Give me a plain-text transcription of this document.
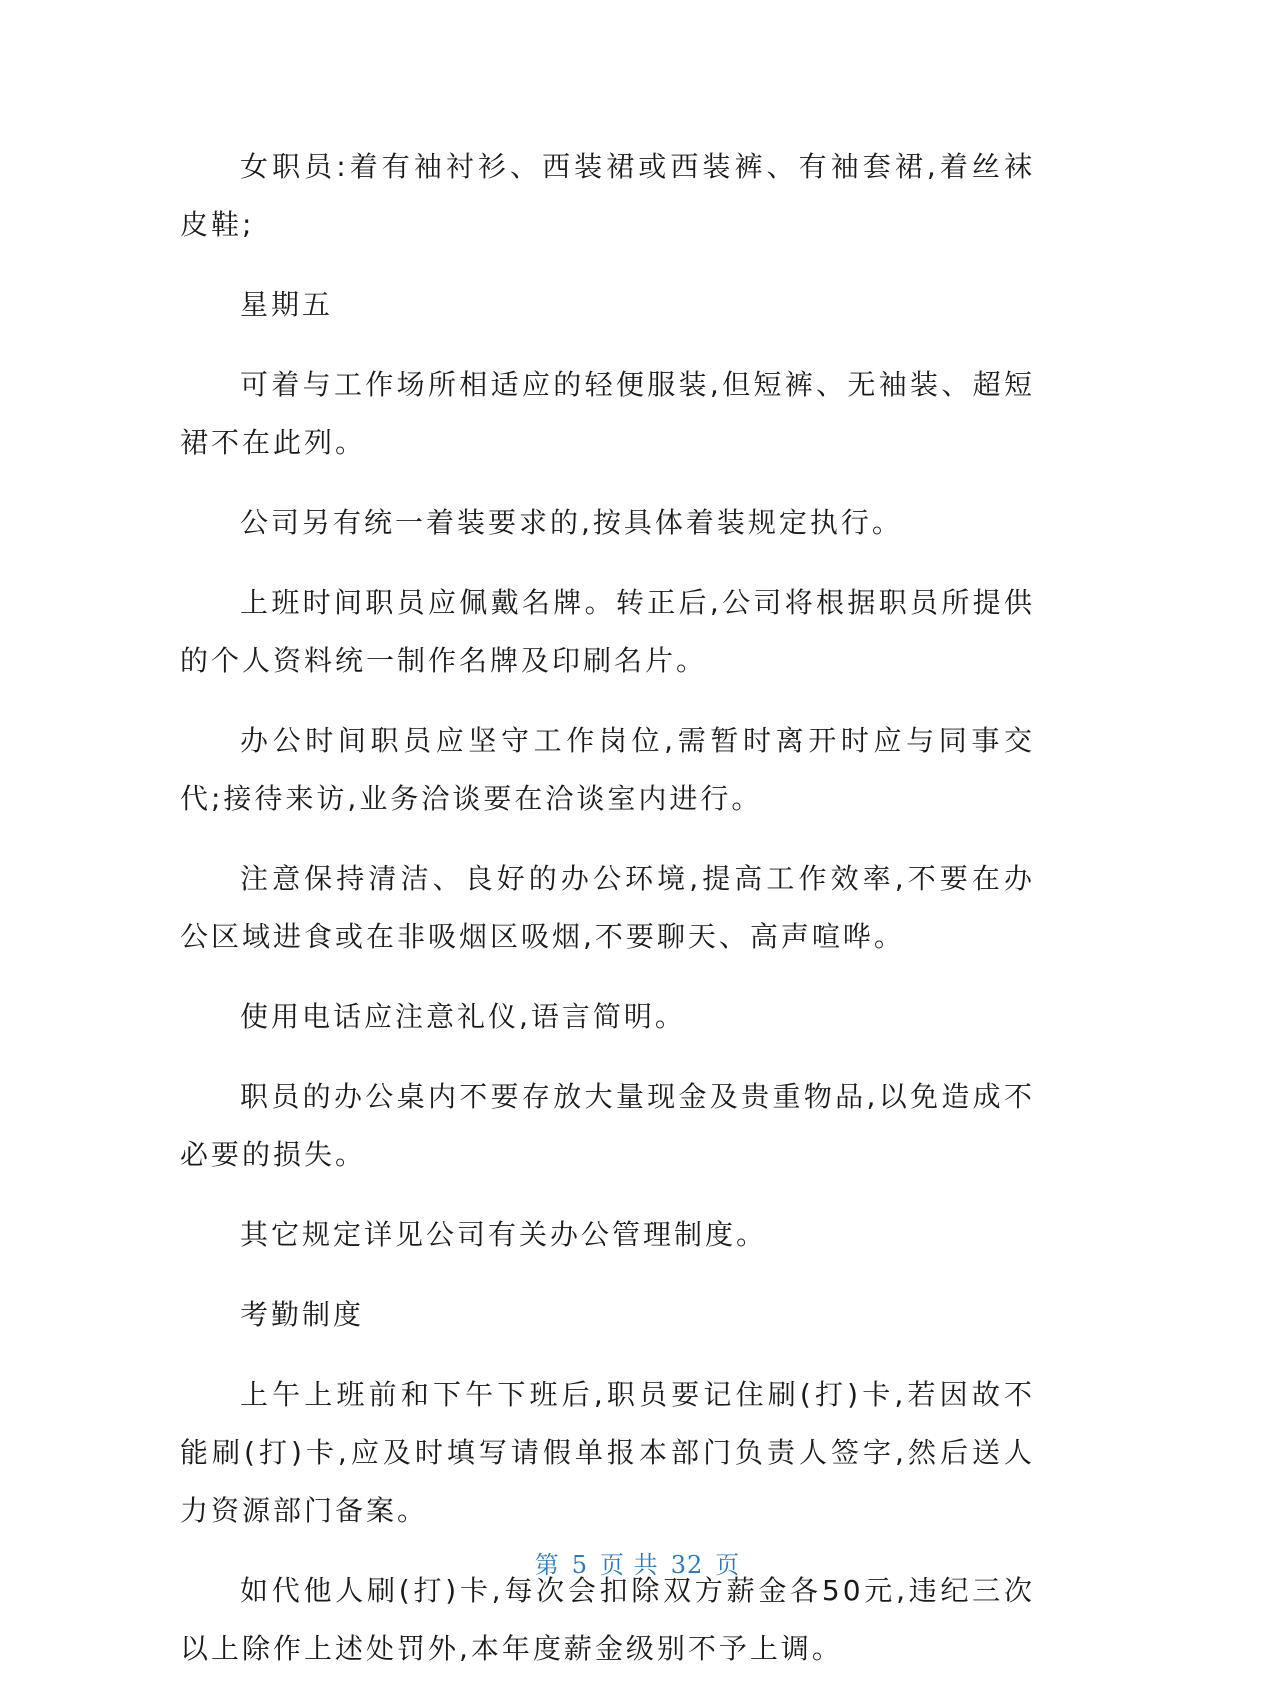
女职员:着有袖衬衫、西装裙或西装裤、有袖套裙,着丝袜皮鞋;

星期五

可着与工作场所相适应的轻便服装,但短裤、无袖装、超短裙不在此列。

公司另有统一着装要求的,按具体着装规定执行。

上班时间职员应佩戴名牌。转正后,公司将根据职员所提供的个人资料统一制作名牌及印刷名片。

办公时间职员应坚守工作岗位,需暂时离开时应与同事交代;接待来访,业务洽谈要在洽谈室内进行。

注意保持清洁、良好的办公环境,提高工作效率,不要在办公区域进食或在非吸烟区吸烟,不要聊天、高声喧哗。

使用电话应注意礼仪,语言简明。

职员的办公桌内不要存放大量现金及贵重物品,以免造成不必要的损失。

其它规定详见公司有关办公管理制度。

考勤制度

上午上班前和下午下班后,职员要记住刷(打)卡,若因故不能刷(打)卡,应及时填写请假单报本部门负责人签字,然后送人力资源部门备案。

如代他人刷(打)卡,每次会扣除双方薪金各50元,违纪三次以上除作上述处罚外,本年度薪金级别不予上调。

第 5 页 共 32 页
